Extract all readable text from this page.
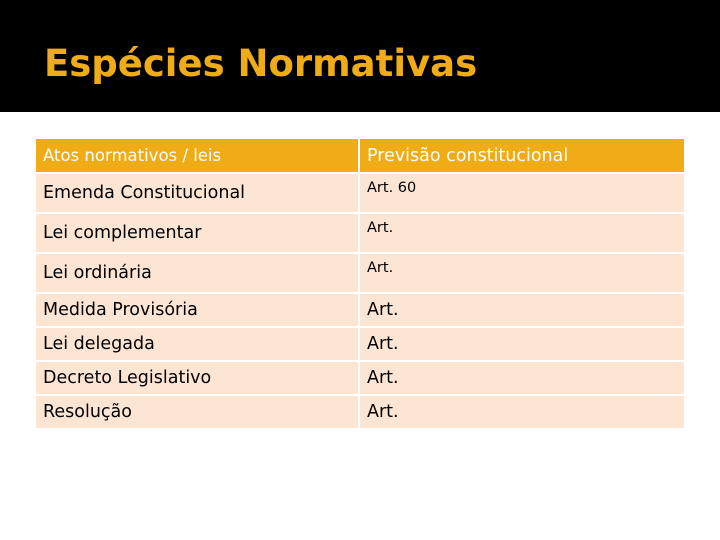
Espécies Normativas
Atos normativos / leis	Previsão constitucional
Emenda Constitucional	Art. 60
Lei complementar	Art.
Lei ordinária	Art.
Medida Provisória	Art.
Lei delegada	Art.
Decreto Legislativo	Art.
Resolução	Art.
